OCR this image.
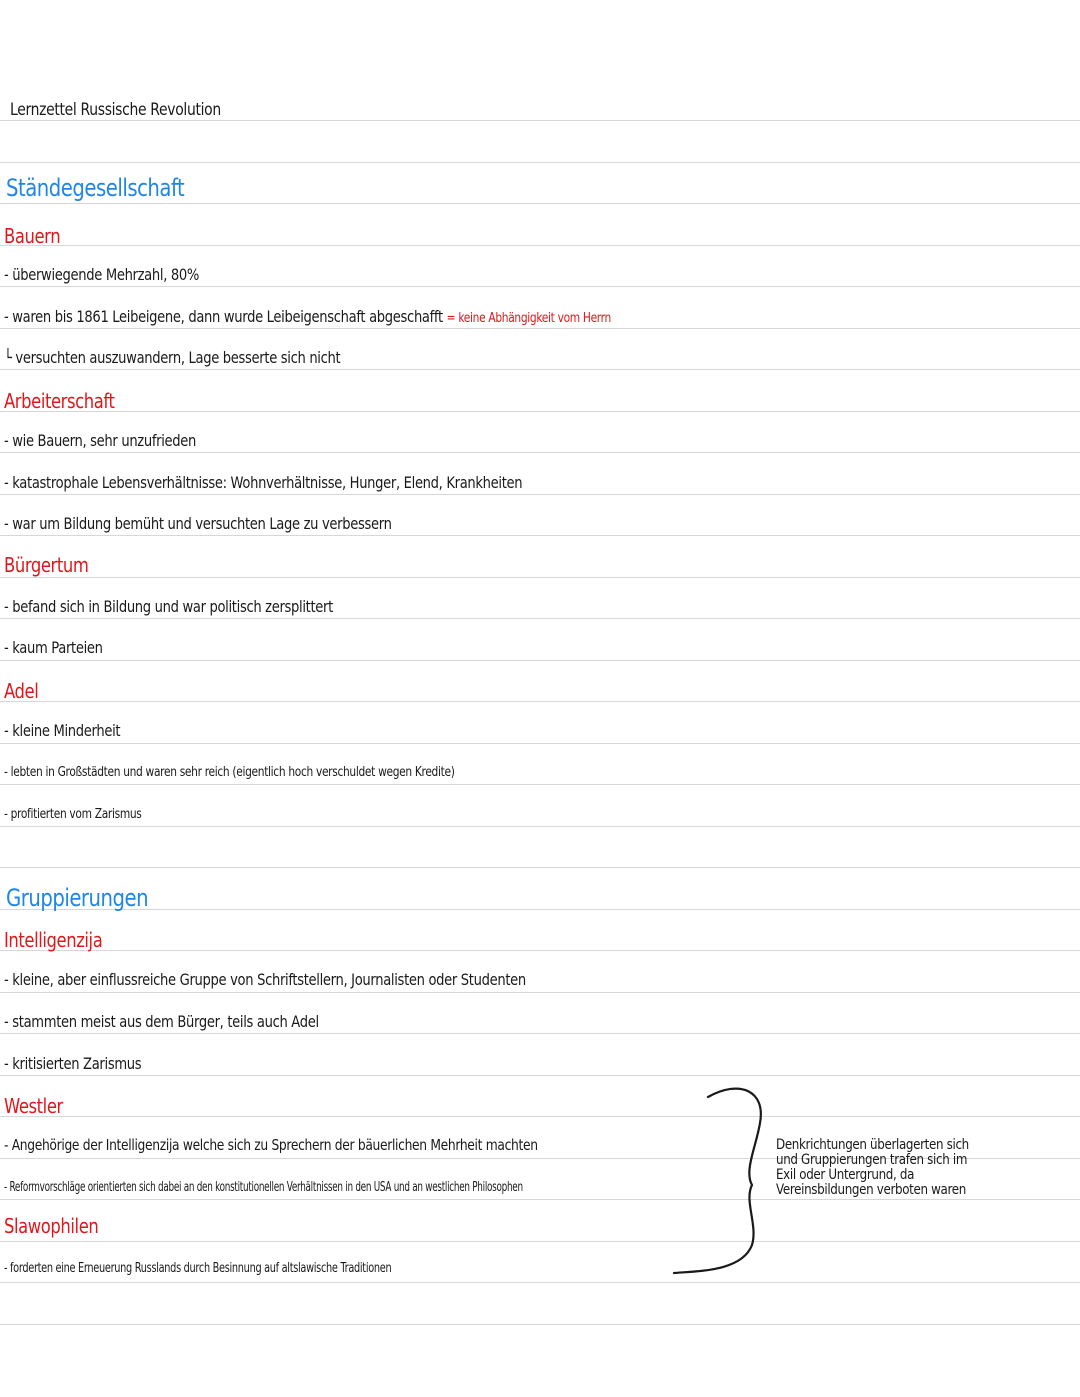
Lernzettel Russische Revolution
Ständegesellschaft
Bauern
- überwiegende Mehrzahl, 80%
- waren bis 1861 Leibeigene, dann wurde Leibeigenschaft abgeschafft = keine Abhängigkeit vom Herrn
└ versuchten auszuwandern, Lage besserte sich nicht
Arbeiterschaft
- wie Bauern, sehr unzufrieden
- katastrophale Lebensverhältnisse: Wohnverhältnisse, Hunger, Elend, Krankheiten
- war um Bildung bemüht und versuchten Lage zu verbessern
Bürgertum
- befand sich in Bildung und war politisch zersplittert
- kaum Parteien
Adel
- kleine Minderheit
- lebten in Großstädten und waren sehr reich (eigentlich hoch verschuldet wegen Kredite)
- profitierten vom Zarismus
Gruppierungen
Intelligenzija
- kleine, aber einflussreiche Gruppe von Schriftstellern, Journalisten oder Studenten
- stammten meist aus dem Bürger, teils auch Adel
- kritisierten Zarismus
Westler
- Angehörige der Intelligenzija welche sich zu Sprechern der bäuerlichen Mehrheit machten
- Reformvorschläge orientierten sich dabei an den konstitutionellen Verhältnissen in den USA und an westlichen Philosophen
Slawophilen
- forderten eine Erneuerung Russlands durch Besinnung auf altslawische Traditionen
Denkrichtungen überlagerten sich und Gruppierungen trafen sich im Exil oder Untergrund, da Vereinsbildungen verboten waren
